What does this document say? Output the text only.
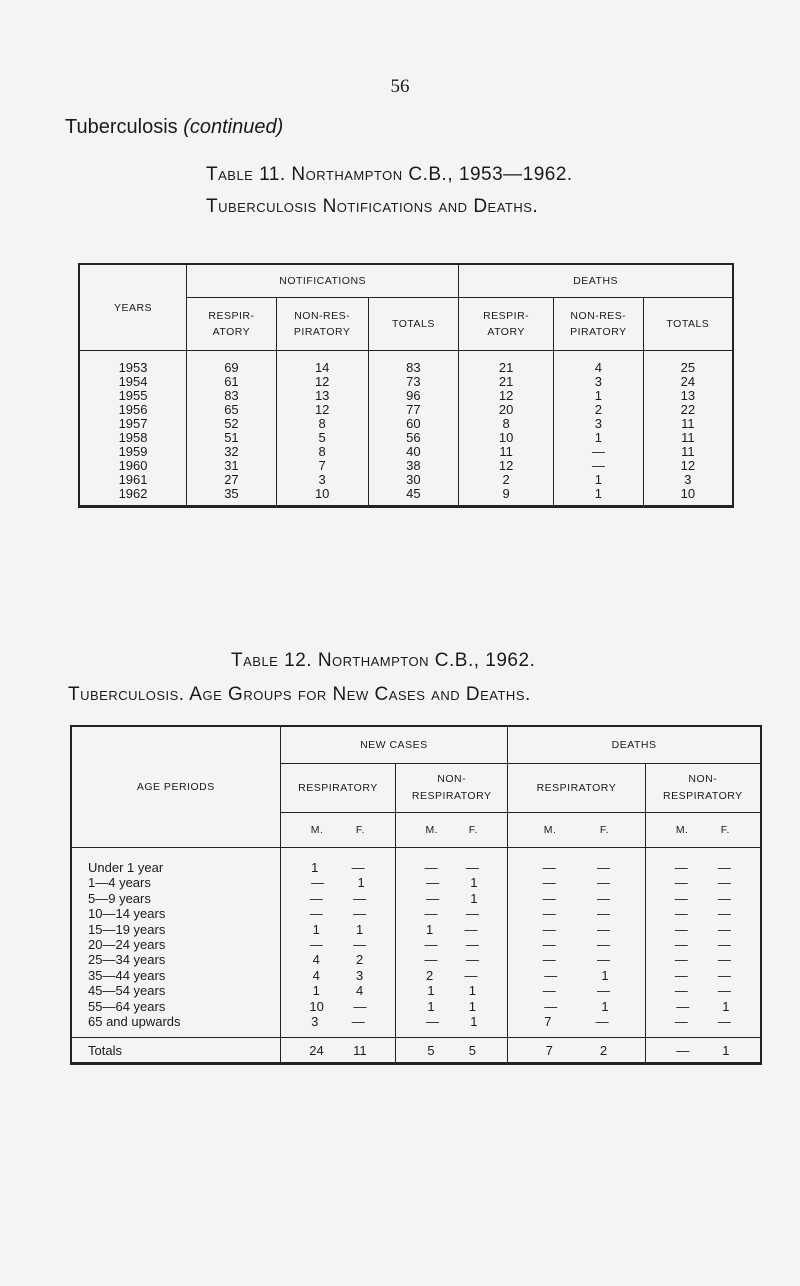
56
Tuberculosis (continued)
Table 11. Northampton C.B., 1953—1962.
Tuberculosis Notifications and Deaths.
YEARS	NOTIFICATIONS			DEATHS		
	RESPIR-
ATORY	NON-RES-
PIRATORY	TOTALS	RESPIR-
ATORY	NON-RES-
PIRATORY	TOTALS
1953	69	14	83	21	4	25
1954	61	12	73	21	3	24
1955	83	13	96	12	1	13
1956	65	12	77	20	2	22
1957	52	8	60	8	3	11
1958	51	5	56	10	1	11
1959	32	8	40	11	—	11
1960	31	7	38	12	—	12
1961	27	3	30	2	1	3
1962	35	10	45	9	1	10
Table 12. Northampton C.B., 1962.
Tuberculosis. Age Groups for New Cases and Deaths.
AGE PERIODS	NEW CASES		DEATHS	
	RESPIRATORY	NON-
RESPIRATORY	RESPIRATORY	NON-
RESPIRATORY

	M. F.	M. F.	M. F.	M. F.

Under 1 year	1 —	— —	— —	— —

1—4 years	— 1	— 1	— —	— —

5—9 years	— —	— 1	— —	— —

10—14 years	— —	— —	— —	— —

15—19 years	1 1	1 —	— —	— —

20—24 years	— —	— —	— —	— —

25—34 years	4 2	— —	— —	— —

35—44 years	4 3	2 —	— 1	— —

45—54 years	1 4	1 1	— —	— —

55—64 years	10 —	1 1	— 1	— 1

65 and upwards	3 —	— 1	7 —	— —

Totals	24 11	5 5	7 2	— 1
